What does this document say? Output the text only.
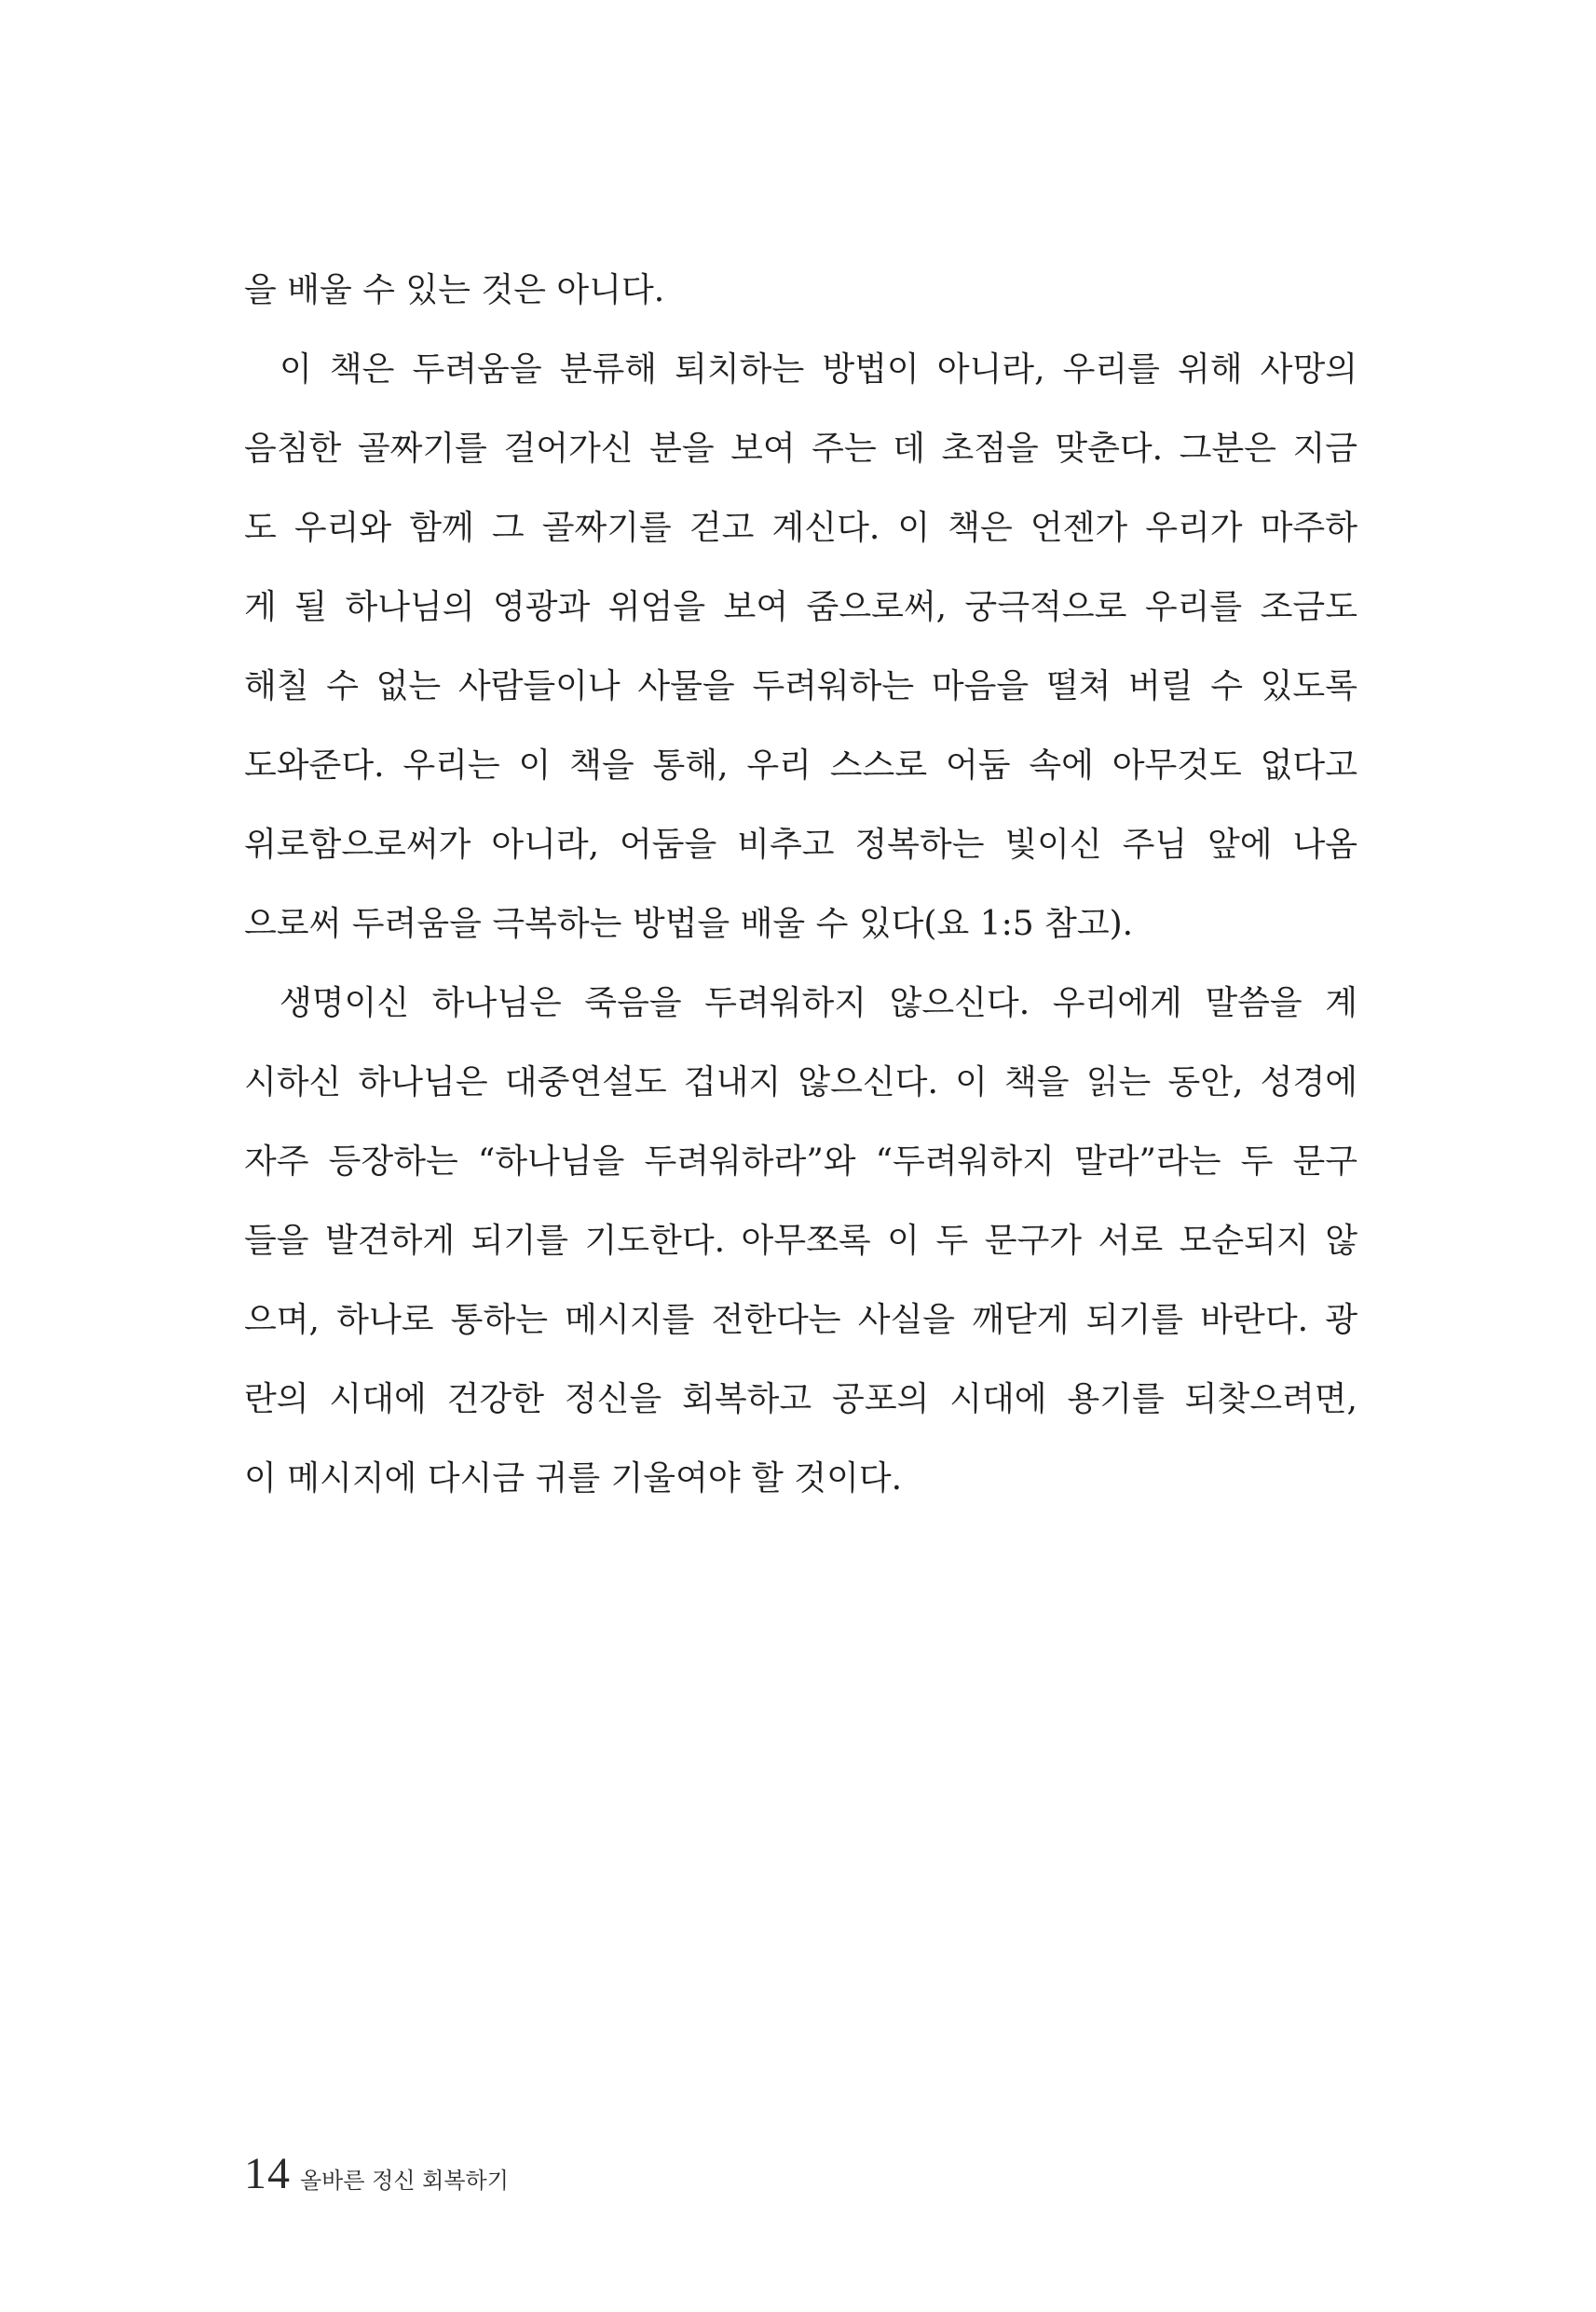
을 배울 수 있는 것은 아니다.
이 책은 두려움을 분류해 퇴치하는 방법이 아니라, 우리를 위해 사망의
음침한 골짜기를 걸어가신 분을 보여 주는 데 초점을 맞춘다. 그분은 지금
도 우리와 함께 그 골짜기를 걷고 계신다. 이 책은 언젠가 우리가 마주하
게 될 하나님의 영광과 위엄을 보여 줌으로써, 궁극적으로 우리를 조금도
해칠 수 없는 사람들이나 사물을 두려워하는 마음을 떨쳐 버릴 수 있도록
도와준다. 우리는 이 책을 통해, 우리 스스로 어둠 속에 아무것도 없다고
위로함으로써가 아니라, 어둠을 비추고 정복하는 빛이신 주님 앞에 나옴
으로써 두려움을 극복하는 방법을 배울 수 있다(요 1:5 참고).
생명이신 하나님은 죽음을 두려워하지 않으신다. 우리에게 말씀을 계
시하신 하나님은 대중연설도 겁내지 않으신다. 이 책을 읽는 동안, 성경에
자주 등장하는 “하나님을 두려워하라”와 “두려워하지 말라”라는 두 문구
들을 발견하게 되기를 기도한다. 아무쪼록 이 두 문구가 서로 모순되지 않
으며, 하나로 통하는 메시지를 전한다는 사실을 깨닫게 되기를 바란다. 광
란의 시대에 건강한 정신을 회복하고 공포의 시대에 용기를 되찾으려면,
이 메시지에 다시금 귀를 기울여야 할 것이다.
14 올바른 정신 회복하기
